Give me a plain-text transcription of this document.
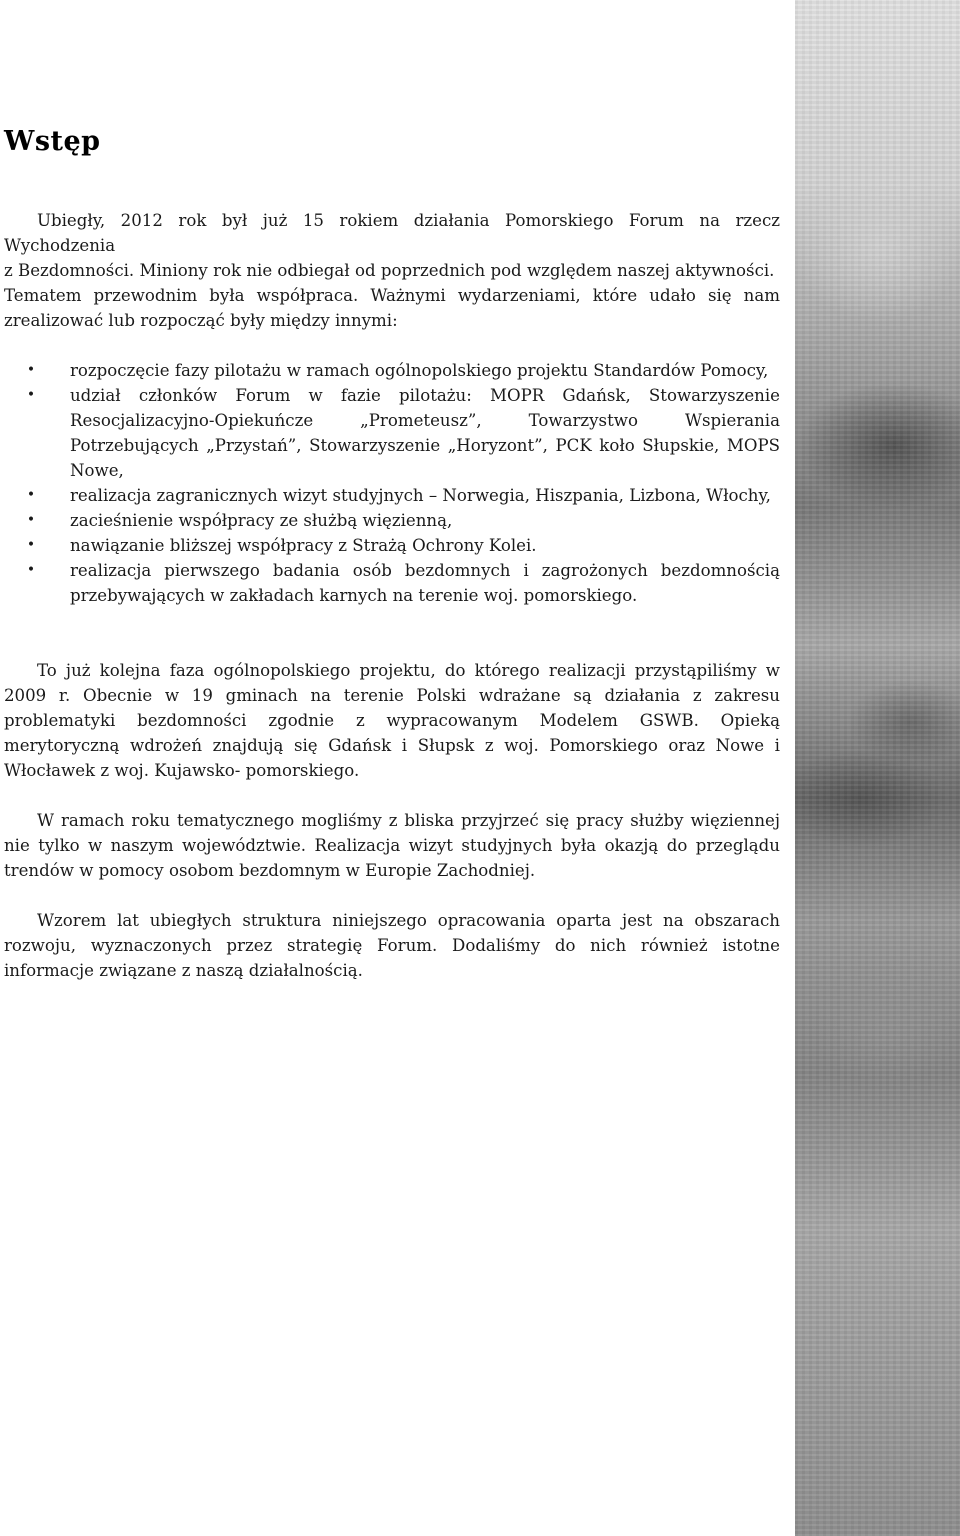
Wstęp

Ubiegły, 2012 rok był już 15 rokiem działania Pomorskiego Forum na rzecz

Wychodzenia

z Bezdomności. Miniony rok nie odbiegał od poprzednich pod względem naszej aktywności.

Tematem przewodnim była współpraca. Ważnymi wydarzeniami, które udało się nam zrealizować lub rozpocząć były między innymi:

• rozpoczęcie fazy pilotażu w ramach ogólnopolskiego projektu Standardów Pomocy,
• udział członków Forum w fazie pilotażu: MOPR Gdańsk, Stowarzyszenie Resocjalizacyjno-Opiekuńcze „Prometeusz”, Towarzystwo Wspierania Potrzebujących „Przystań”, Stowarzyszenie „Horyzont”, PCK koło Słupskie, MOPS Nowe,
• realizacja zagranicznych wizyt studyjnych – Norwegia, Hiszpania, Lizbona, Włochy,
• zacieśnienie współpracy ze służbą więzienną,
• nawiązanie bliższej współpracy z Strażą Ochrony Kolei.
• realizacja pierwszego badania osób bezdomnych i zagrożonych bezdomnością przebywających w zakładach karnych na terenie woj. pomorskiego.

To już kolejna faza ogólnopolskiego projektu, do którego realizacji przystąpiliśmy w 2009 r. Obecnie w 19 gminach na terenie Polski wdrażane są działania z zakresu problematyki bezdomności zgodnie z wypracowanym Modelem GSWB. Opieką merytoryczną wdrożeń znajdują się Gdańsk i Słupsk z woj. Pomorskiego oraz Nowe i Włocławek z woj. Kujawsko- pomorskiego.

W ramach roku tematycznego mogliśmy z bliska przyjrzeć się pracy służby więziennej nie tylko w naszym województwie. Realizacja wizyt studyjnych była okazją do przeglądu trendów w pomocy osobom bezdomnym w Europie Zachodniej.

Wzorem lat ubiegłych struktura niniejszego opracowania oparta jest na obszarach rozwoju, wyznaczonych przez strategię Forum. Dodaliśmy do nich również istotne informacje związane z naszą działalnością.
